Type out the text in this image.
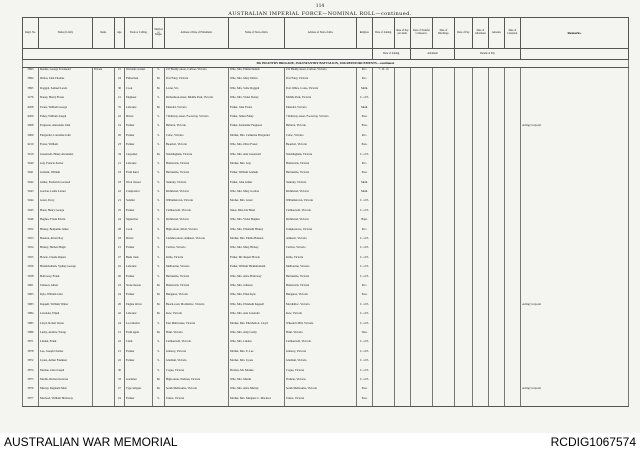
114
AUSTRALIAN IMPERIAL FORCE—NOMINAL ROLL—continued.
Regtl. No.	Name (in full).	Rank.	Age.	Trade or Calling.	Married or Single.	Address at Date of Enlistment.	Name of Next-of-Kin.	Address of Next-of-Kin.	Religion.	Date of Joining.	Rate of Pay per diem.	Date of Transfer to Reserve.	Date of Discharge.	Rate of Pay.	Date of Allotment.	Amount.	Date of Cessation.	Remarks.
										Date of Joining.		Allotment		Details of Pay				
9th INFANTRY BRIGADE, 35th INFANTRY BATTALION, 10th REINFORCEMENTS—continued.																		
5893	Dennis, George Townsend	Private	21	Warrants worker	S.	217 Baddy-street, Carlton, Victoria	Wife, Mrs. Emma Dennis	211 Baddy-street, Carlton, Victoria	R.C.	7. 10. 16								
5894	Dillon, John Thomas		24	Fisherman	M.	Port Fairy, Victoria	Wife, Mrs. Mary Dillon	Port Fairy, Victoria	R.C.									
5895	Doggett, Samuel Lewis		30	Cook	M.	Lorne, Vic.	Wife, Mrs. Sofie Doggett	Post Office, Lorne, Victoria	Meth.									
5276	Doney, Henry Fraser		21	Engineer	S.	Richardson-street, Middle Park, Victoria	Wife, Mrs. Violet Doney	Middle Park, Victoria	C. of E.									
6208	Evans, William George		35	Labourer	M.	Emerald, Victoria	Father, John Evans	Emerald, Victoria	Meth.									
6209	Fahey, William Joseph		22	Driver	S.	7 Railway-street, Footscray, Victoria	Father, James Fahey	7 Railway-street, Footscray, Victoria	Pres.									
5908	Ferguson, Alexander John		19	Farmer	S.	Ballarat, Victoria	Father, Alexander Ferguson	Ballarat, Victoria	Pres.									Acting Corporal
5909	Fitzgerald, Cornelius John		26	Farmer	S.	Colac, Victoria	Mother, Mrs. Catherine Fitzgerald	Colac, Victoria	R.C.									
6210	Foster, William		23	Farmer	S.	Beaufort, Victoria	Wife, Mrs. Olive Foster	Beaufort, Victoria	Pres.									
5910	Greenwell, Henry Alexander		34	Carpenter	M.	Sandringham, Victoria	Wife, Mrs. Ann Greenwell	Sandringham, Victoria	C. of E.									
5940	Guy, Francis Xavier		21	Labourer	S.	Brunswick, Victoria	Mother, Mrs. Guy	Brunswick, Victoria	R.C.									
5941	Graham, William		23	Farm hand	S.	Bairnsdale, Victoria	Father, William Graham	Bairnsdale, Victoria	Pres.									
5942	Gilder, Frederick Leonard		18	Wool classer	S.	Sunbury, Victoria	Father, John Gilder	Sunbury, Victoria	Meth.									
5943	Gordon, Leslie Lionel		22	Compositor	S.	Richmond, Victoria	Wife, Mrs. Mary Gordon	Richmond, Victoria	Meth.									
5944	Grant, Percy		21	Saddler	S.	Williamstown, Victoria	Mother, Mrs. Grant	Williamstown, Victoria	C. of E.									
5945	Hand, Henry George		25	Farmer	S.	Camberwell, Victoria	Sister, Miss Ida Hand	Camberwell, Victoria	C. of E.									
5946	Hughes, Frank Edwin		24	Signwriter	S.	Richmond, Victoria	Wife, Mrs. Violet Hughes	Richmond, Victoria	Bapt.									
5952	Hickey, Benjamin James		28	Cook	S.	High-street, Kilda, Victoria	Wife, Mrs. Elizabeth Hickey	Templestowe, Victoria	R.C.									
5953	Hannon, Albert Roy		18	Driver	S.	Camden-street, Amherst, Victoria	Mother, Mrs. Emma Hannon	Amherst, Victoria	C. of E.									
5954	Hickey, Herbert Hugh		21	Farmer	S.	Carlton, Victoria	Wife, Mrs. Mary Hickey	Carlton, Victoria	C. of E.									
5955	Howie, Claude Rupert		27	Bank clerk	S.	Kilda, Victoria	Father, Mr. Rupert Howie	Kilda, Victoria	C. of E.									
5956	Hickinbotham, Sydney George		22	Labourer	S.	Melbourne, Victoria	Father, William Hickinbotham	Melbourne, Victoria	C. of E.									
5958	Holloway, Frank		20	Farmer	S.	Bairnsdale, Victoria	Wife, Mrs. Alice Holloway	Bairnsdale, Victoria	C. of E.									
5961	Johnson, Albert		23	Stone mason	M.	Brunswick, Victoria	Wife, Mrs. Johnson	Brunswick, Victoria	R.C.									
5965	Kyle, William John		24	Farmer	M.	Bungaree, Victoria	Wife, Mrs. Ellen Kyle	Bungaree, Victoria	Pres.									
5983	Kappell, William Walter		26	Engine driver	M.	Beach-road, Mordialloc, Victoria	Wife, Mrs. Elizabeth Kappell	Mordialloc, Victoria	C. of E.									Acting Corporal
5984	Lavender, Elijah		42	Labourer	M.	Kew, Victoria	Wife, Mrs. Ann Lavender	Kew, Victoria	C. of E.									
5985	Lloyd, Robert Owen		24	Locomotive	S.	East Melbourne, Victoria	Mother, Mrs. Elizabeth A. Lloyd	Wheeler's Hill, Victoria	C. of E.									
5986	Lusby, Andrew Young		21	Farm agent	M.	Brim, Victoria	Wife, Mrs. Amy Lusby	Brim, Victoria	Wes.									
5871	Linden, Frank		22	Clerk	S.	Camberwell, Victoria	Wife, Mrs. Linden	Camberwell, Victoria	C. of E.									
5878	Lee, Joseph Charles		21	Farmer	S.	Glenroy, Victoria	Mother, Mrs. E. Lee	Glenroy, Victoria	C. of E.									
5872	Lyons, Arthur Faulkner		22	Farmer	S.	Ghallam, Victoria	Mother, Mrs. Lyons	Ghallam, Victoria	C. of E.									
5874	Mackie, John Joseph		30		S.	Cogee, Victoria	Brother, Mr. Mackie	Cogee, Victoria	C. of E.									
5875	Martin, Richard Grieves		33	Gardener	M.	High-street, Prahran, Victoria	Wife, Mrs. Martin	Prahran, Victoria	C. of E.									
5876	Murray, Reginald Mair		27	Type stripper	M.	South Melbourne, Victoria	Wife, Mrs. Alice Murray	South Melbourne, Victoria	Pres.									Acting Corporal
5877	Macleod, William Holloway		19	Farmer	S.	Tatura, Victoria	Mother, Mrs. Margaret C. Macleod	Tatura, Victoria	Pres.									
AUSTRALIAN WAR MEMORIAL	RCDIG1067574
